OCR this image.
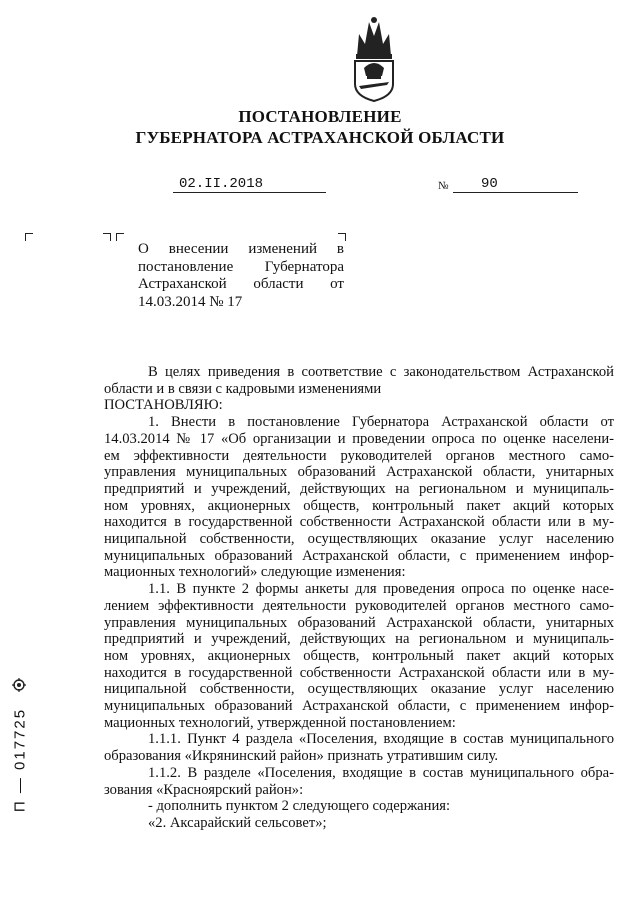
ПОСТАНОВЛЕНИЕ
ГУБЕРНАТОРА АСТРАХАНСКОЙ ОБЛАСТИ
02.II.2018	№	90
О внесении изменений в постановление Губернатора Астраханской области от 14.03.2014 № 17

В целях приведения в соответствие с законодательством Астраханской

области и в связи с кадровыми изменениями

ПОСТАНОВЛЯЮ:

1. Внести в постановление Губернатора Астраханской области от

14.03.2014 № 17 «Об организации и проведении опроса по оценке населени-

ем эффективности деятельности руководителей органов местного само-

управления муниципальных образований Астраханской области, унитарных

предприятий и учреждений, действующих на региональном и муниципаль-

ном уровнях, акционерных обществ, контрольный пакет акций которых

находится в государственной собственности Астраханской области или в му-

ниципальной собственности, осуществляющих оказание услуг населению

муниципальных образований Астраханской области, с применением инфор-

мационных технологий» следующие изменения:

1.1. В пункте 2 формы анкеты для проведения опроса по оценке насе-

лением эффективности деятельности руководителей органов местного само-

управления муниципальных образований Астраханской области, унитарных

предприятий и учреждений, действующих на региональном и муниципаль-

ном уровнях, акционерных обществ, контрольный пакет акций которых

находится в государственной собственности Астраханской области или в му-

ниципальной собственности, осуществляющих оказание услуг населению

муниципальных образований Астраханской области, с применением инфор-

мационных технологий, утвержденной постановлением:

1.1.1. Пункт 4 раздела «Поселения, входящие в состав муниципального

образования «Икрянинский район» признать утратившим силу.

1.1.2. В разделе «Поселения, входящие в состав муниципального обра-

зования «Красноярский район»:

- дополнить пунктом 2 следующего содержания:

«2. Аксарайский сельсовет»;

П — 017725
